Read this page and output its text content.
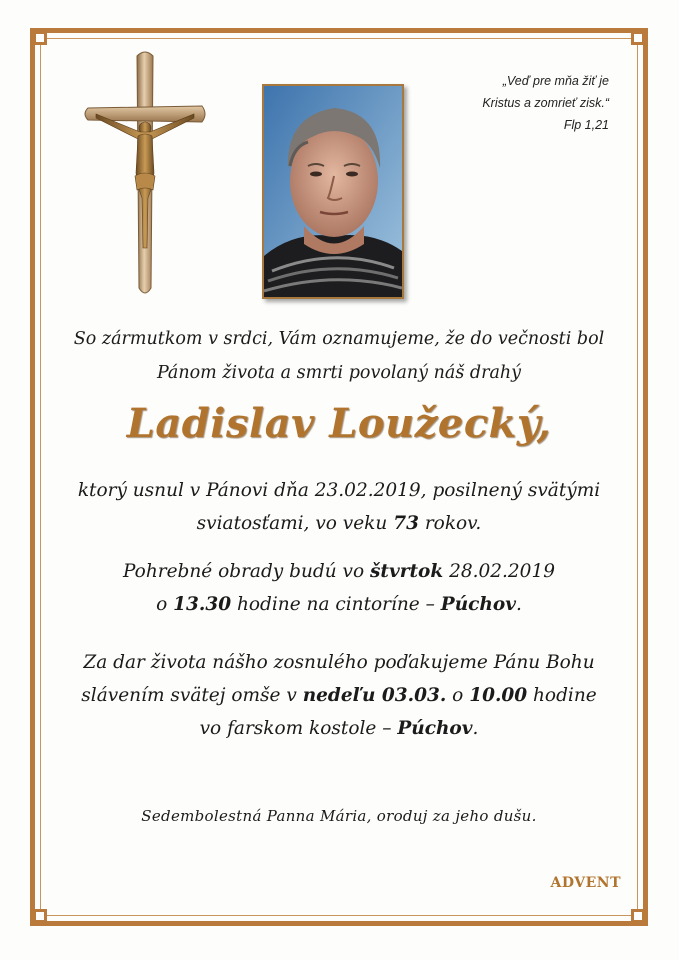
„Veď pre mňa žiť je
Kristus a zomrieť zisk.“
Flp 1,21
So zármutkom v srdci, Vám oznamujeme, že do večnosti bol
Pánom života a smrti povolaný náš drahý
Ladislav Loužecký,
ktorý usnul v Pánovi dňa 23.02.2019, posilnený svätými
sviatosťami, vo veku 73 rokov.
Pohrebné obrady budú vo štvrtok 28.02.2019
o 13.30 hodine na cintoríne – Púchov.
Za dar života nášho zosnulého poďakujeme Pánu Bohu
slávením svätej omše v nedeľu 03.03. o 10.00 hodine
vo farskom kostole – Púchov.
Sedembolestná Panna Mária, oroduj za jeho dušu.
ADVENT
